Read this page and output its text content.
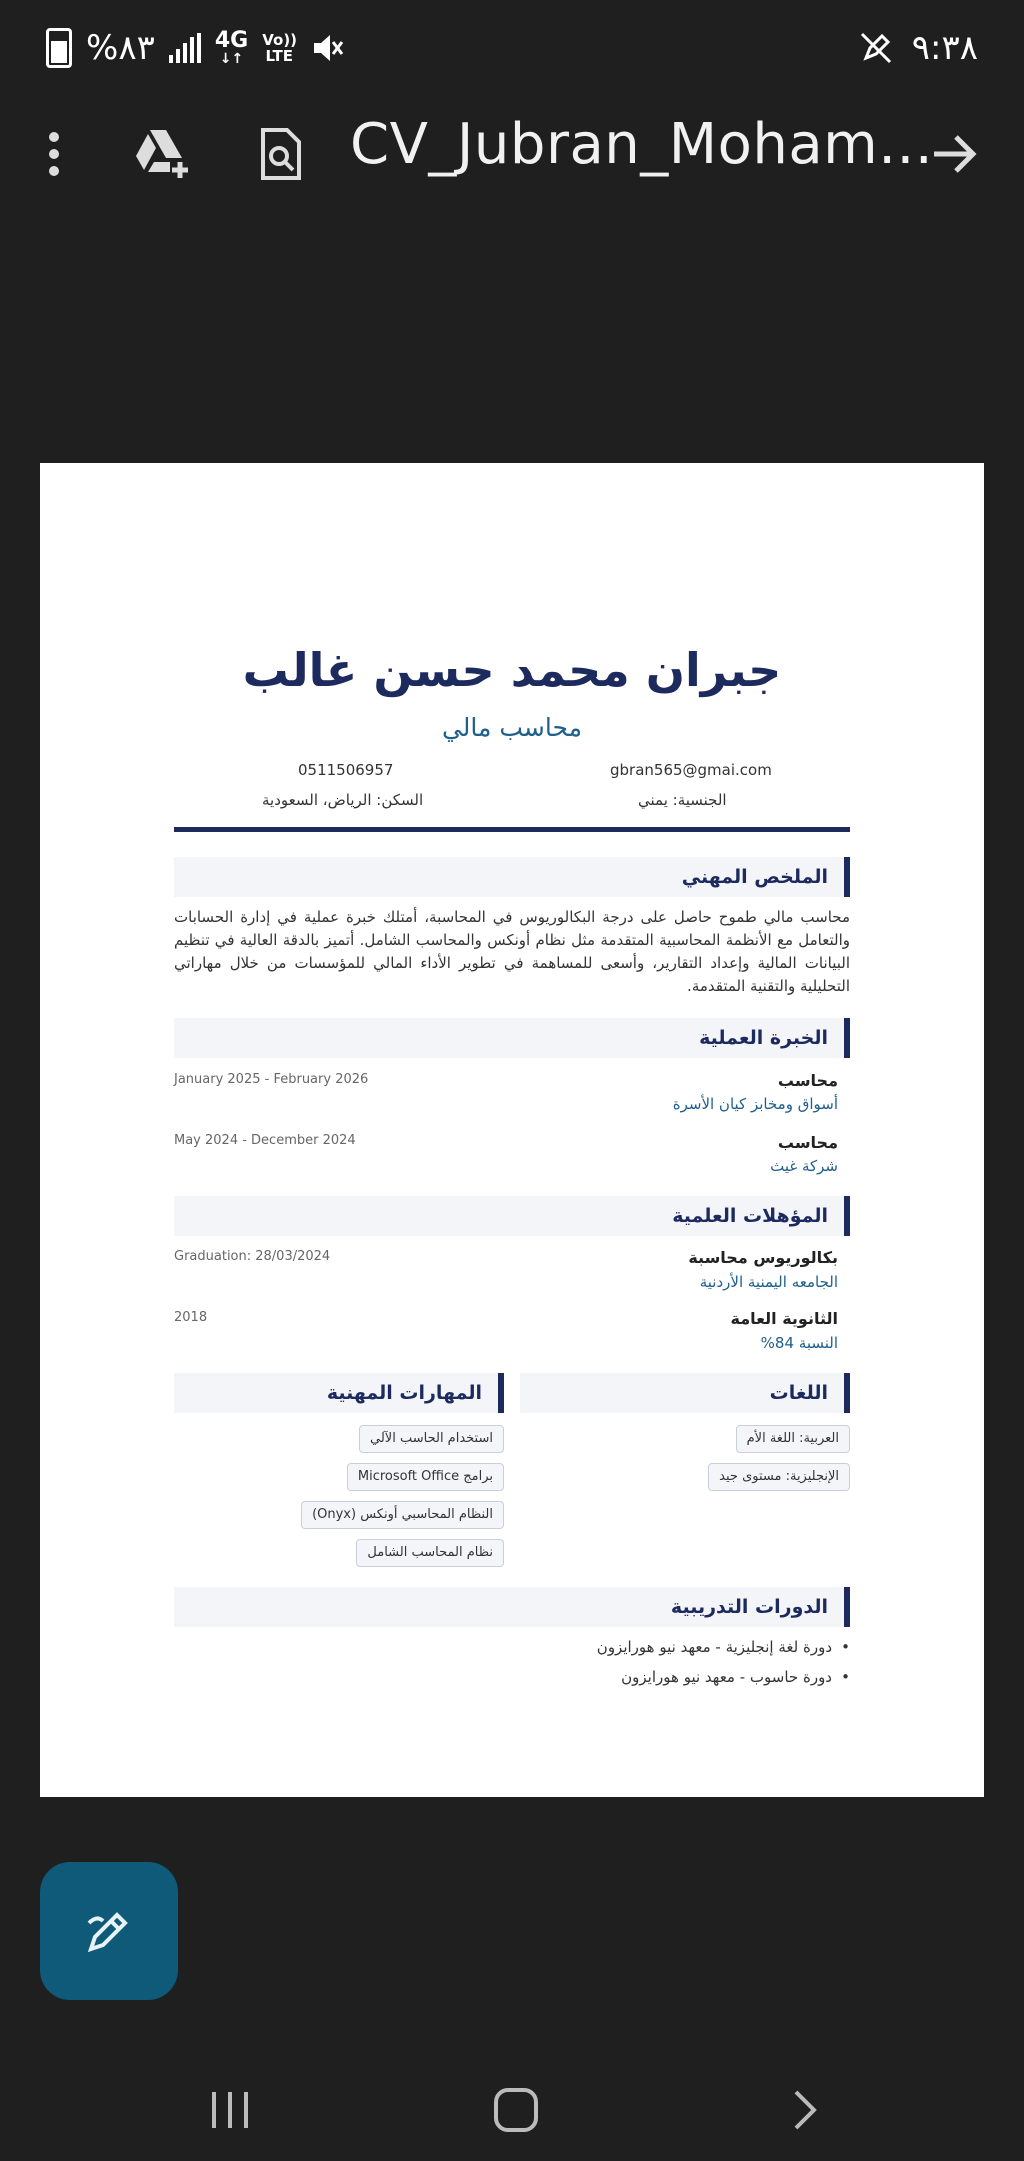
%٨٣	4G
↓↑
Vo)) LTE	٩:٣٨
CV_Jubran_Moham...
جبران محمد حسن غالب
محاسب مالي
gbran565@gmai.com
0511506957
الجنسية: يمني
السكن: الرياض، السعودية
الملخص المهني
محاسب مالي طموح حاصل على درجة البكالوريوس في المحاسبة، أمتلك خبرة عملية في إدارة الحسابات والتعامل مع الأنظمة المحاسبية المتقدمة مثل نظام أونكس والمحاسب الشامل. أتميز بالدقة العالية في تنظيم البيانات المالية وإعداد التقارير، وأسعى للمساهمة في تطوير الأداء المالي للمؤسسات من خلال مهاراتي التحليلية والتقنية المتقدمة.
الخبرة العملية
محاسب
أسواق ومخابز كيان الأسرة
January 2025 - February 2026
محاسب
شركة غيث
May 2024 - December 2024
المؤهلات العلمية
بكالوريوس محاسبة
الجامعه اليمنية الأردنية
Graduation: 28/03/2024
الثانوية العامة
النسبة 84%
2018
اللغات
المهارات المهنية
العربية: اللغة الأم
الإنجليزية: مستوى جيد
استخدام الحاسب الآلي
برامج Microsoft Office
النظام المحاسبي أونكس (Onyx)
نظام المحاسب الشامل
الدورات التدريبية
• دورة لغة إنجليزية - معهد نيو هورايزون
• دورة حاسوب - معهد نيو هورايزون
